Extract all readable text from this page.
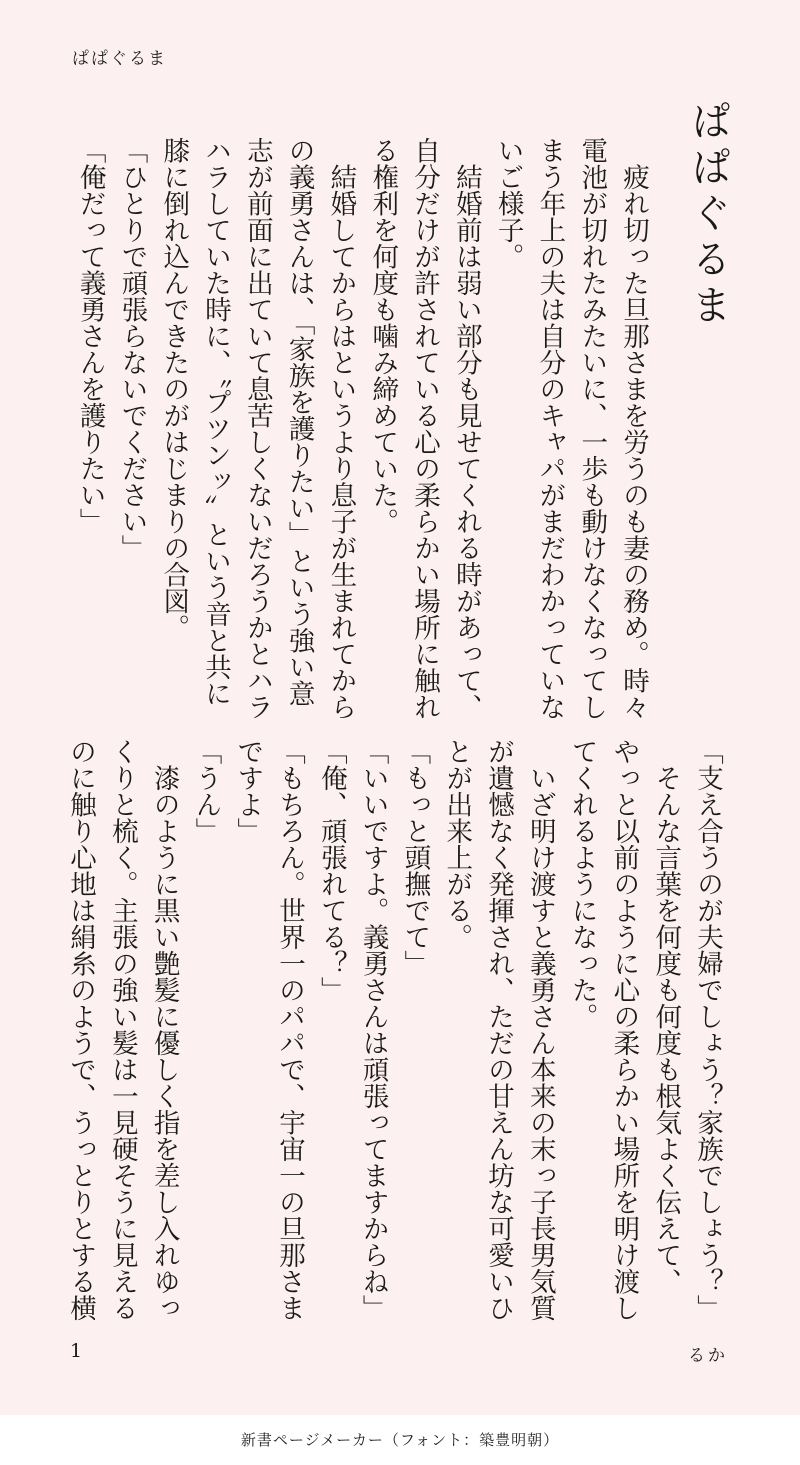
ぱぱぐるま
ぱぱぐるま
　疲れ切った旦那さまを労うのも妻の務め。時々
電池が切れたみたいに、一歩も動けなくなってし
まう年上の夫は自分のキャパがまだわかっていな
いご様子。
　結婚前は弱い部分も見せてくれる時があって、
自分だけが許されている心の柔らかい場所に触れ
る権利を何度も噛み締めていた。
　結婚してからはというより息子が生まれてから
の義勇さんは、「家族を護りたい」という強い意
志が前面に出ていて息苦しくないだろうかとハラ
ハラしていた時に、〝プツンッ〟という音と共に
膝に倒れ込んできたのがはじまりの合図。
「ひとりで頑張らないでください」
「俺だって義勇さんを護りたい」
「支え合うのが夫婦でしょう？家族でしょう？」
　そんな言葉を何度も何度も根気よく伝えて、
やっと以前のように心の柔らかい場所を明け渡し
てくれるようになった。
　いざ明け渡すと義勇さん本来の末っ子長男気質
が遺憾なく発揮され、ただの甘えん坊な可愛いひ
とが出来上がる。
「もっと頭撫でて」
「いいですよ。義勇さんは頑張ってますからね」
「俺、頑張れてる？」
「もちろん。世界一のパパで、宇宙一の旦那さま
ですよ」
「うん」
　漆のように黒い艶髪に優しく指を差し入れゆっ
くりと梳く。主張の強い髪は一見硬そうに見える
のに触り心地は絹糸のようで、うっとりとする横
1	るか
新書ページメーカー（フォント：築豊明朝）
